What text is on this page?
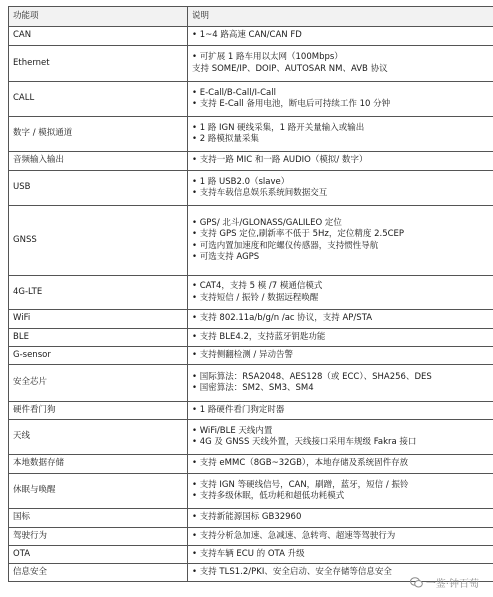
功能项	说明
CAN	• 1~4 路高速 CAN/CAN FD

Ethernet	• 可扩展 1 路车用以太网（100Mbps）
支持 SOME/IP、DOIP、AUTOSAR NM、AVB 协议

CALL	• E-Call/B-Call/I-Call
• 支持 E-Call 备用电池，断电后可持续工作 10 分钟

数字 / 模拟通道	• 1 路 IGN 硬线采集，1 路开关量输入或输出
• 2 路模拟量采集

音频输入输出	• 支持一路 MIC 和一路 AUDIO（模拟/ 数字）

USB	• 1 路 USB2.0（slave）
• 支持车载信息娱乐系统间数据交互

GNSS	• GPS/ 北斗/GLONASS/GALILEO 定位
• 支持 GPS 定位,刷新率不低于 5Hz，定位精度 2.5CEP
• 可选内置加速度和陀螺仪传感器，支持惯性导航
• 可选支持 AGPS

4G-LTE	• CAT4，支持 5 模 /7 模通信模式
• 支持短信 / 振铃 / 数据远程唤醒

WiFi	• 支持 802.11a/b/g/n /ac 协议，支持 AP/STA

BLE	• 支持 BLE4.2，支持蓝牙钥匙功能

G-sensor	• 支持侧翻检测 / 异动告警

安全芯片	• 国际算法：RSA2048、AES128（或 ECC）、SHA256、DES
• 国密算法：SM2、SM3、SM4

硬件看门狗	• 1 路硬件看门狗定时器

天线	• WiFi/BLE 天线内置
• 4G 及 GNSS 天线外置，天线接口采用车规级 Fakra 接口

本地数据存储	• 支持 eMMC（8GB~32GB），本地存储及系统固件存放

休眠与唤醒	• 支持 IGN 等硬线信号，CAN，刷蹭，蓝牙，短信 / 振铃
• 支持多级休眠，低功耗和超低功耗模式

国标	• 支持新能源国标 GB32960

驾驶行为	• 支持分析急加速、急减速、急转弯、超速等驾驶行为

OTA	• 支持车辆 ECU 的 OTA 升级

信息安全	• 支持 TLS1.2/PKI、安全启动、安全存储等信息安全
一鉴·钟百萄
